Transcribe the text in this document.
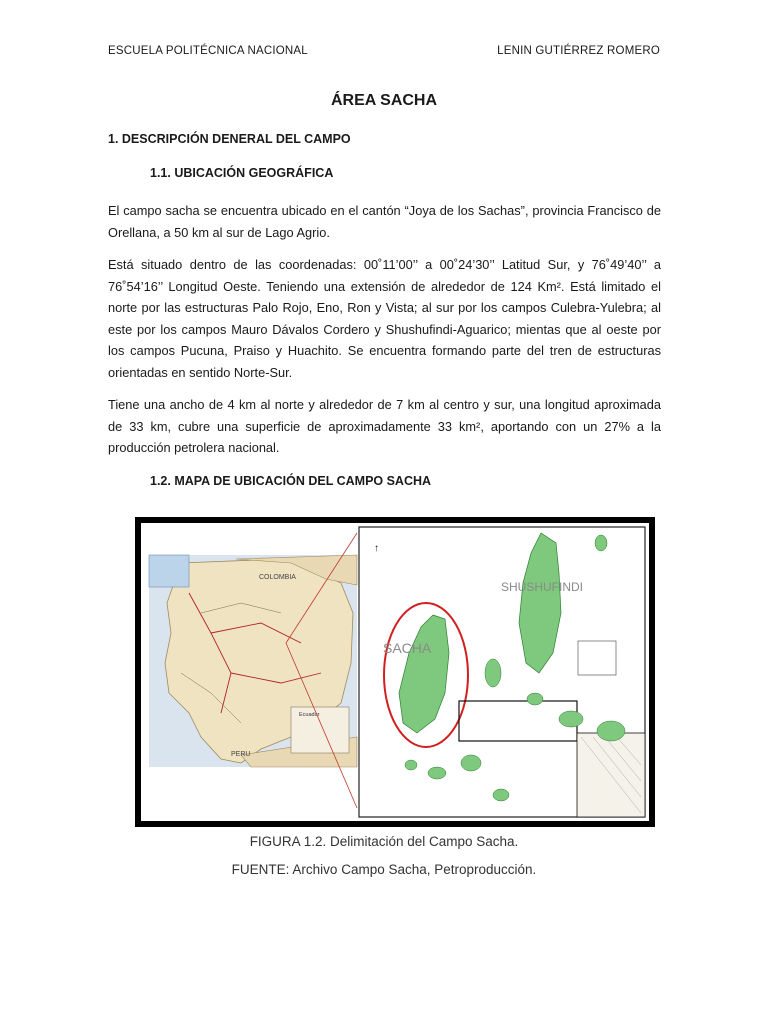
ESCUELA POLITÉCNICA NACIONAL	LENIN GUTIÉRREZ ROMERO
ÁREA SACHA
1. DESCRIPCIÓN DENERAL DEL CAMPO
1.1. UBICACIÓN GEOGRÁFICA

El campo sacha se encuentra ubicado en el cantón “Joya de los Sachas”, provincia Francisco de Orellana, a 50 km al sur de Lago Agrio.

Está situado dentro de las coordenadas: 00˚11’00’’ a 00˚24’30’’ Latitud Sur, y 76˚49’40’’ a 76˚54’16’’ Longitud Oeste. Teniendo una extensión de alrededor de 124 Km². Está limitado el norte por las estructuras Palo Rojo, Eno, Ron y Vista; al sur por los campos Culebra-Yulebra; al este por los campos Mauro Dávalos Cordero y Shushufindi-Aguarico; mientas que al oeste por los campos Pucuna, Praiso y Huachito. Se encuentra formando parte del tren de estructuras orientadas en sentido Norte-Sur.

Tiene una ancho de 4 km al norte y alrededor de 7 km al centro y sur, una longitud aproximada de 33 km, cubre una superficie de aproximadamente 33 km², aportando con un 27% a la producción petrolera nacional.

1.2. MAPA DE UBICACIÓN DEL CAMPO SACHA
COLOMBIA
PERU
Ecuador
↑
SACHA
SHUSHUFINDI
FIGURA 1.2. Delimitación del Campo Sacha.
FUENTE: Archivo Campo Sacha, Petroproducción.
